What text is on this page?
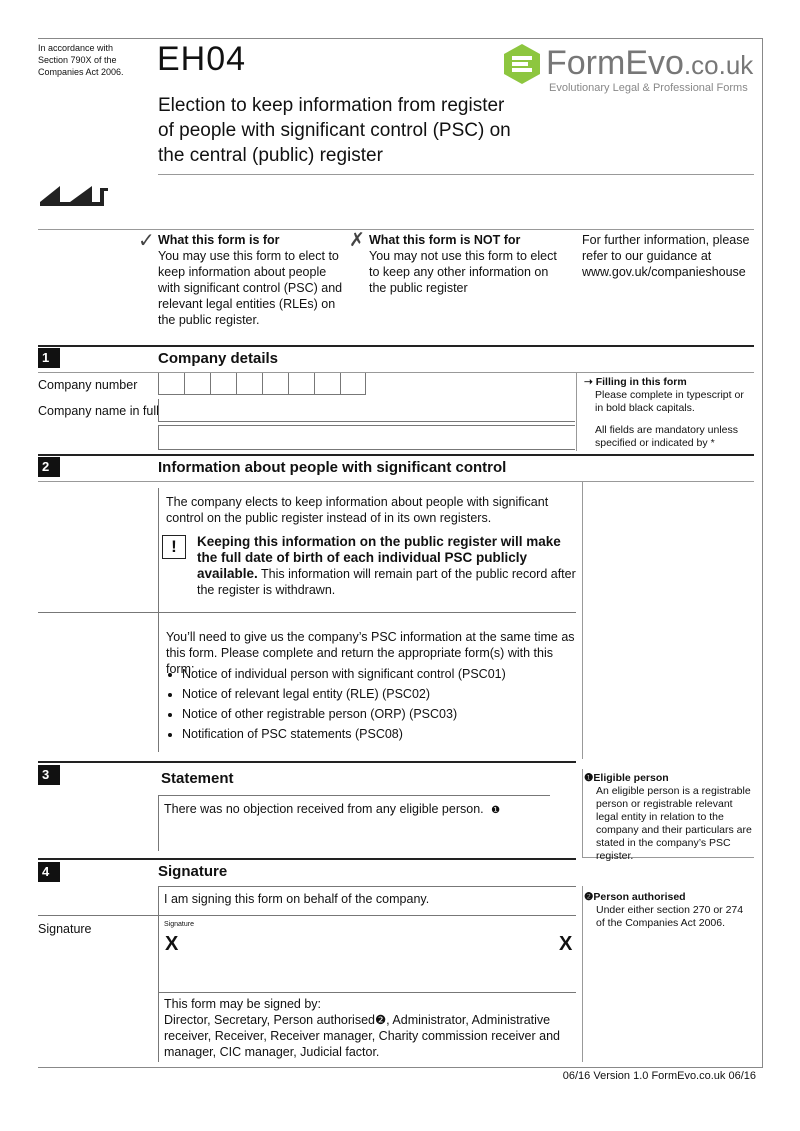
In accordance with Section 790X of the Companies Act 2006. EH04
Election to keep information from register of people with significant control (PSC) on the central (public) register
FormEvo.co.uk
Evolutionary Legal & Professional Forms
✓ What this form is for
You may use this form to elect to keep information about people with significant control (PSC) and relevant legal entities (RLEs) on the public register.
✗ What this form is NOT for
You may not use this form to elect to keep any other information on the public register
For further information, please refer to our guidance at www.gov.uk/companieshouse
1	Company details
Company number
Company name in full
➝ Filling in this form
Please complete in typescript or in bold black capitals.
All fields are mandatory unless specified or indicated by *
2	Information about people with significant control
The company elects to keep information about people with significant control on the public register instead of in its own registers.
!	Keeping this information on the public register will make the full date of birth of each individual PSC publicly available. This information will remain part of the public record after the register is withdrawn.
You’ll need to give us the company’s PSC information at the same time as this form. Please complete and return the appropriate form(s) with this form:
• Notice of individual person with significant control (PSC01)
• Notice of relevant legal entity (RLE) (PSC02)
• Notice of other registrable person (ORP) (PSC03)
• Notification of PSC statements (PSC08)
3	Statement
There was no objection received from any eligible person. ❶
❶Eligible person
An eligible person is a registrable person or registrable relevant legal entity in relation to the company and their particulars are stated in the company’s PSC register.
4	Signature
I am signing this form on behalf of the company.
Signature	Signature
X	X
This form may be signed by:
Director, Secretary, Person authorised❷, Administrator, Administrative receiver, Receiver, Receiver manager, Charity commission receiver and manager, CIC manager, Judicial factor.
❷Person authorised
Under either section 270 or 274 of the Companies Act 2006.
06/16 Version 1.0 FormEvo.co.uk 06/16
